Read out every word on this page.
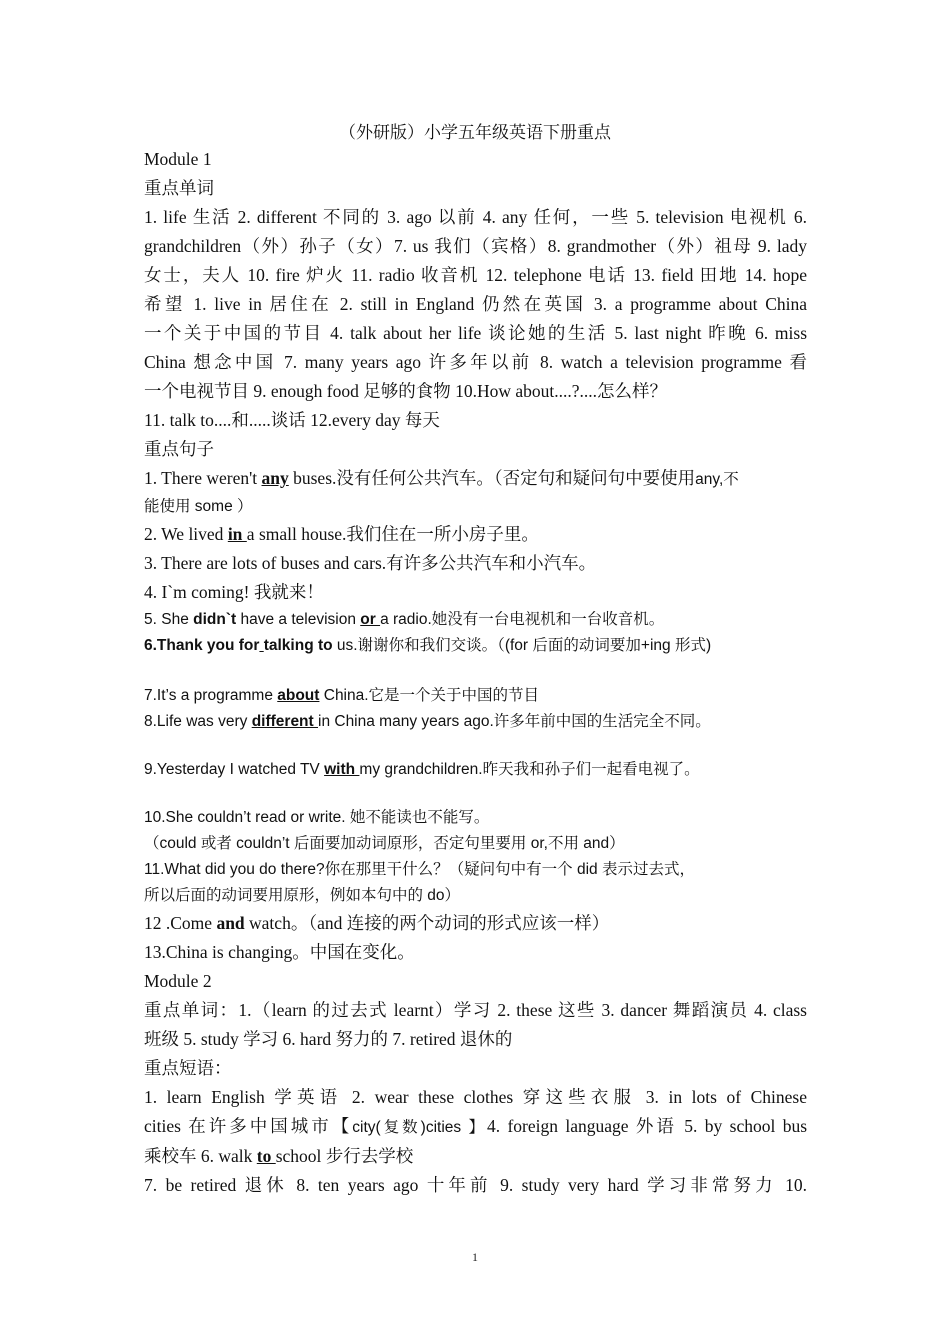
（外研版）小学五年级英语下册重点
Module 1
重点单词
1. life 生活 2. different 不同的 3. ago 以前 4. any 任何，一些 5. television 电视机 6.
grandchildren（外）孙子（女）7. us 我们（宾格）8. grandmother（外）祖母 9. lady
女士，夫人 10. fire 炉火 11. radio 收音机 12. telephone 电话 13. field 田地 14. hope
希望 1. live in 居住在 2. still in England 仍然在英国 3. a programme about China
一个关于中国的节目 4. talk about her life 谈论她的生活 5. last night 昨晚 6. miss
China 想念中国 7. many years ago 许多年以前 8. watch a television programme 看
一个电视节目 9. enough food 足够的食物 10.How about....?....怎么样？
11. talk to....和.....谈话 12.every day 每天
重点句子
1. There weren't any buses.没有任何公共汽车。（否定句和疑问句中要使用any,不
能使用 some ）
2. We lived in a small house.我们住在一所小房子里。
3. There are lots of buses and cars.有许多公共汽车和小汽车。
4. I`m coming! 我就来！
5. She didn`t have a television or a radio.她没有一台电视机和一台收音机。
6.Thank you for talking to us.谢谢你和我们交谈。（(for 后面的动词要加+ing 形式)
7.It’s a programme about China.它是一个关于中国的节目
8.Life was very different in China many years ago.许多年前中国的生活完全不同。
9.Yesterday I watched TV with my grandchildren.昨天我和孙子们一起看电视了。
10.She couldn’t read or write. 她不能读也不能写。
（could 或者 couldn’t 后面要加动词原形，否定句里要用 or,不用 and）
11.What did you do there?你在那里干什么？（疑问句中有一个 did 表示过去式，
所以后面的动词要用原形，例如本句中的 do）
12 .Come and watch。（and 连接的两个动词的形式应该一样）
13.China is changing。中国在变化。
Module 2
重点单词：1.（learn 的过去式 learnt）学习 2. these 这些 3. dancer 舞蹈演员 4. class
班级 5. study 学习 6. hard 努力的 7. retired 退休的
重点短语：
1. learn English 学英语 2. wear these clothes 穿这些衣服 3. in lots of Chinese
cities 在许多中国城市【city(复数)cities 】4. foreign language 外语 5. by school bus
乘校车 6. walk to school 步行去学校
7. be retired 退休 8. ten years ago 十年前 9. study very hard 学习非常努力 10.
1
